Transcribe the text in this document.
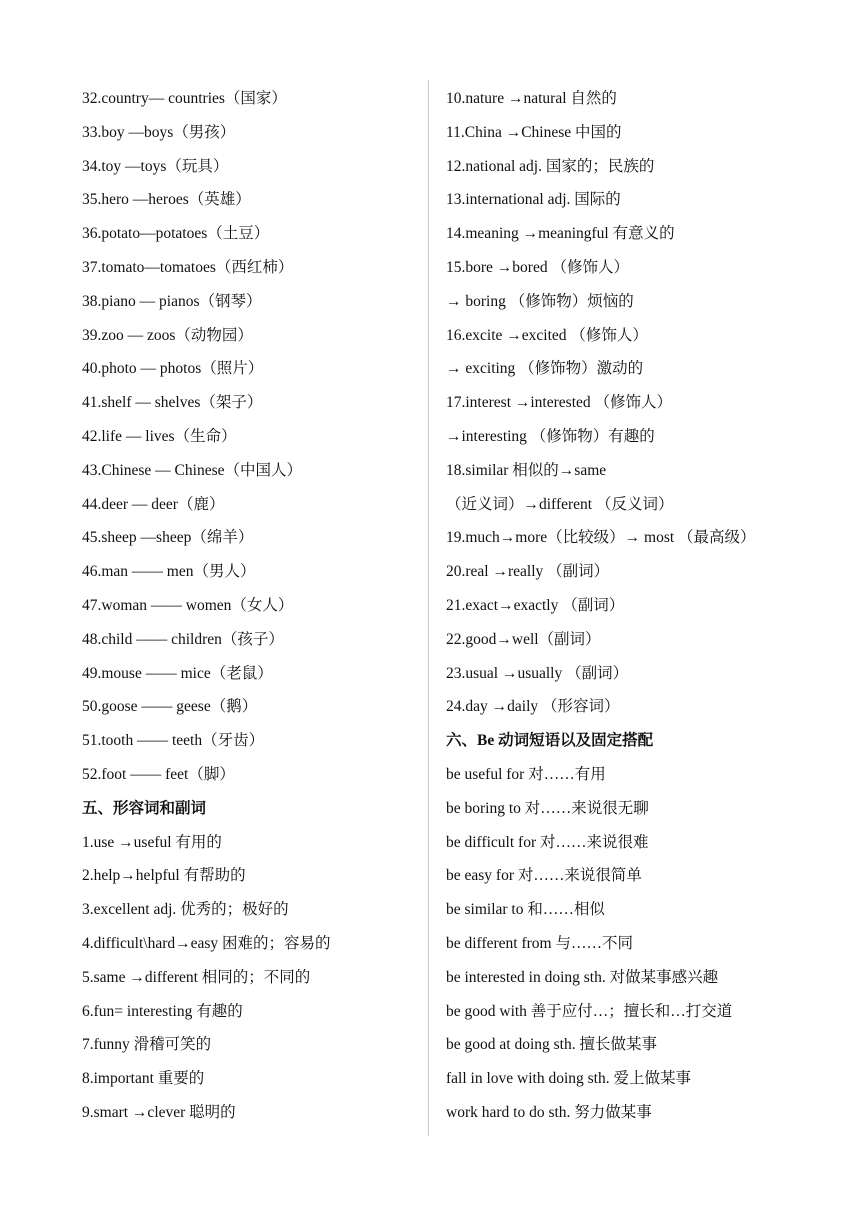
32.country— countries（国家）
33.boy —boys（男孩）
34.toy —toys（玩具）
35.hero —heroes（英雄）
36.potato—potatoes（土豆）
37.tomato—tomatoes（西红柿）
38.piano — pianos（钢琴）
39.zoo — zoos（动物园）
40.photo — photos（照片）
41.shelf — shelves（架子）
42.life — lives（生命）
43.Chinese — Chinese（中国人）
44.deer — deer（鹿）
45.sheep —sheep（绵羊）
46.man —— men（男人）
47.woman —— women（女人）
48.child —— children（孩子）
49.mouse —— mice（老鼠）
50.goose —— geese（鹅）
51.tooth —— teeth（牙齿）
52.foot —— feet（脚）
五、形容词和副词
1.use →useful 有用的
2.help→helpful 有帮助的
3.excellent adj. 优秀的；极好的
4.difficult\hard→easy 困难的；容易的
5.same →different 相同的；不同的
6.fun= interesting 有趣的
7.funny 滑稽可笑的
8.important 重要的
9.smart →clever 聪明的
10.nature →natural 自然的
11.China →Chinese 中国的
12.national adj. 国家的；民族的
13.international adj. 国际的
14.meaning →meaningful 有意义的
15.bore →bored （修饰人）
→ boring （修饰物）烦恼的
16.excite →excited （修饰人）
→ exciting （修饰物）激动的
17.interest →interested （修饰人）
→interesting （修饰物）有趣的
18.similar 相似的→same
（近义词）→different （反义词）
19.much→more（比较级）→ most （最高级）
20.real →really （副词）
21.exact→exactly （副词）
22.good→well（副词）
23.usual →usually （副词）
24.day →daily （形容词）
六、Be 动词短语以及固定搭配
be useful for 对……有用
be boring to 对……来说很无聊
be difficult for 对……来说很难
be easy for 对……来说很简单
be similar to 和……相似
be different from 与……不同
be interested in doing sth. 对做某事感兴趣
be good with 善于应付…；擅长和…打交道
be good at doing sth. 擅长做某事
fall in love with doing sth. 爱上做某事
work hard to do sth. 努力做某事
